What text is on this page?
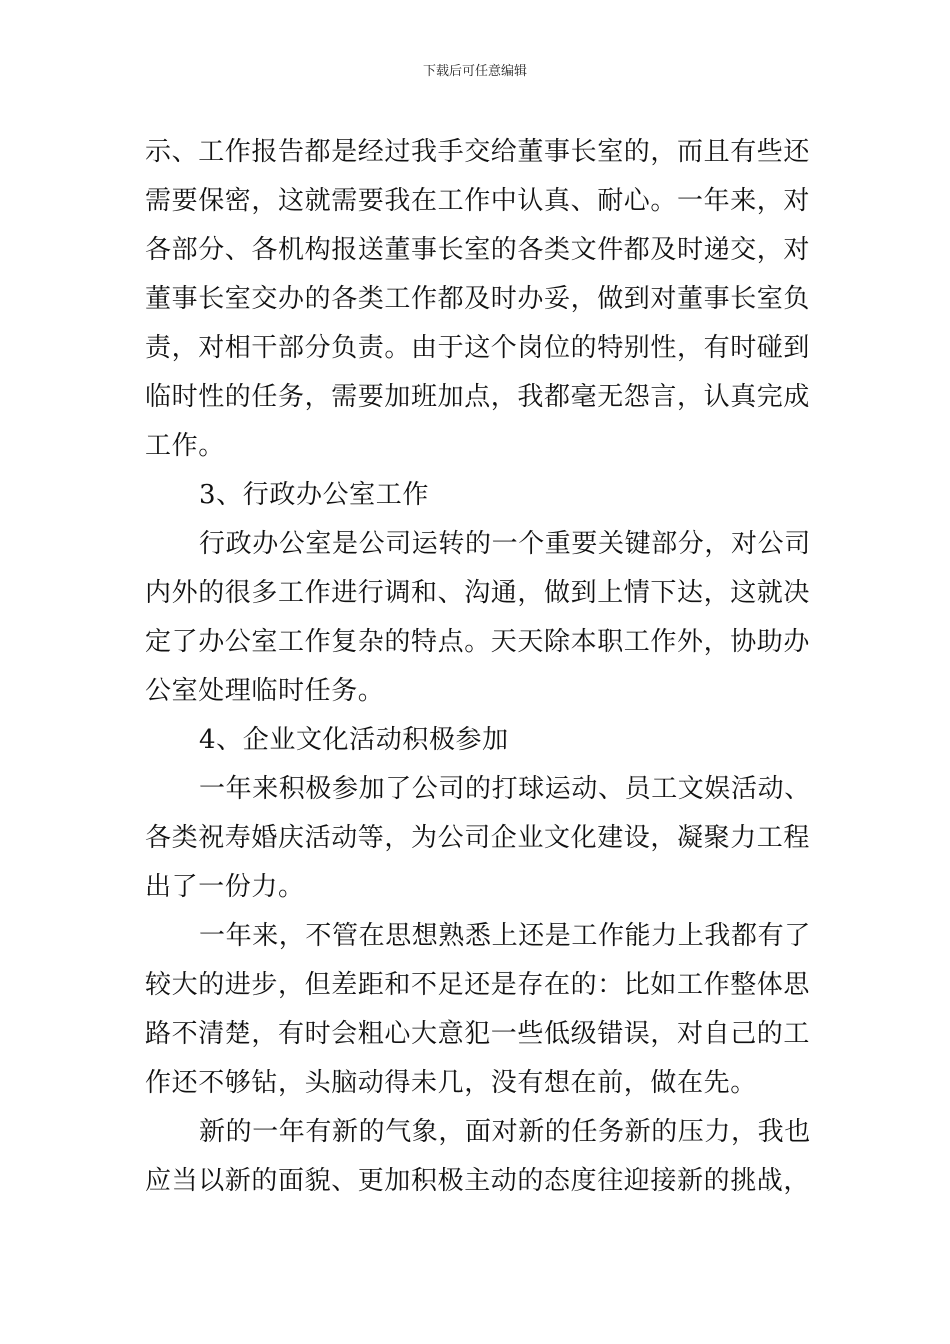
下载后可任意编辑
示、工作报告都是经过我手交给董事长室的，而且有些还
需要保密，这就需要我在工作中认真、耐心。一年来，对
各部分、各机构报送董事长室的各类文件都及时递交，对
董事长室交办的各类工作都及时办妥，做到对董事长室负
责，对相干部分负责。由于这个岗位的特别性，有时碰到
临时性的任务，需要加班加点，我都毫无怨言，认真完成
工作。
3、行政办公室工作
行政办公室是公司运转的一个重要关键部分，对公司
内外的很多工作进行调和、沟通，做到上情下达，这就决
定了办公室工作复杂的特点。天天除本职工作外，协助办
公室处理临时任务。
4、企业文化活动积极参加
一年来积极参加了公司的打球运动、员工文娱活动、
各类祝寿婚庆活动等，为公司企业文化建设，凝聚力工程
出了一份力。
一年来，不管在思想熟悉上还是工作能力上我都有了
较大的进步，但差距和不足还是存在的：比如工作整体思
路不清楚，有时会粗心大意犯一些低级错误，对自己的工
作还不够钻，头脑动得未几，没有想在前，做在先。
新的一年有新的气象，面对新的任务新的压力，我也
应当以新的面貌、更加积极主动的态度往迎接新的挑战，
